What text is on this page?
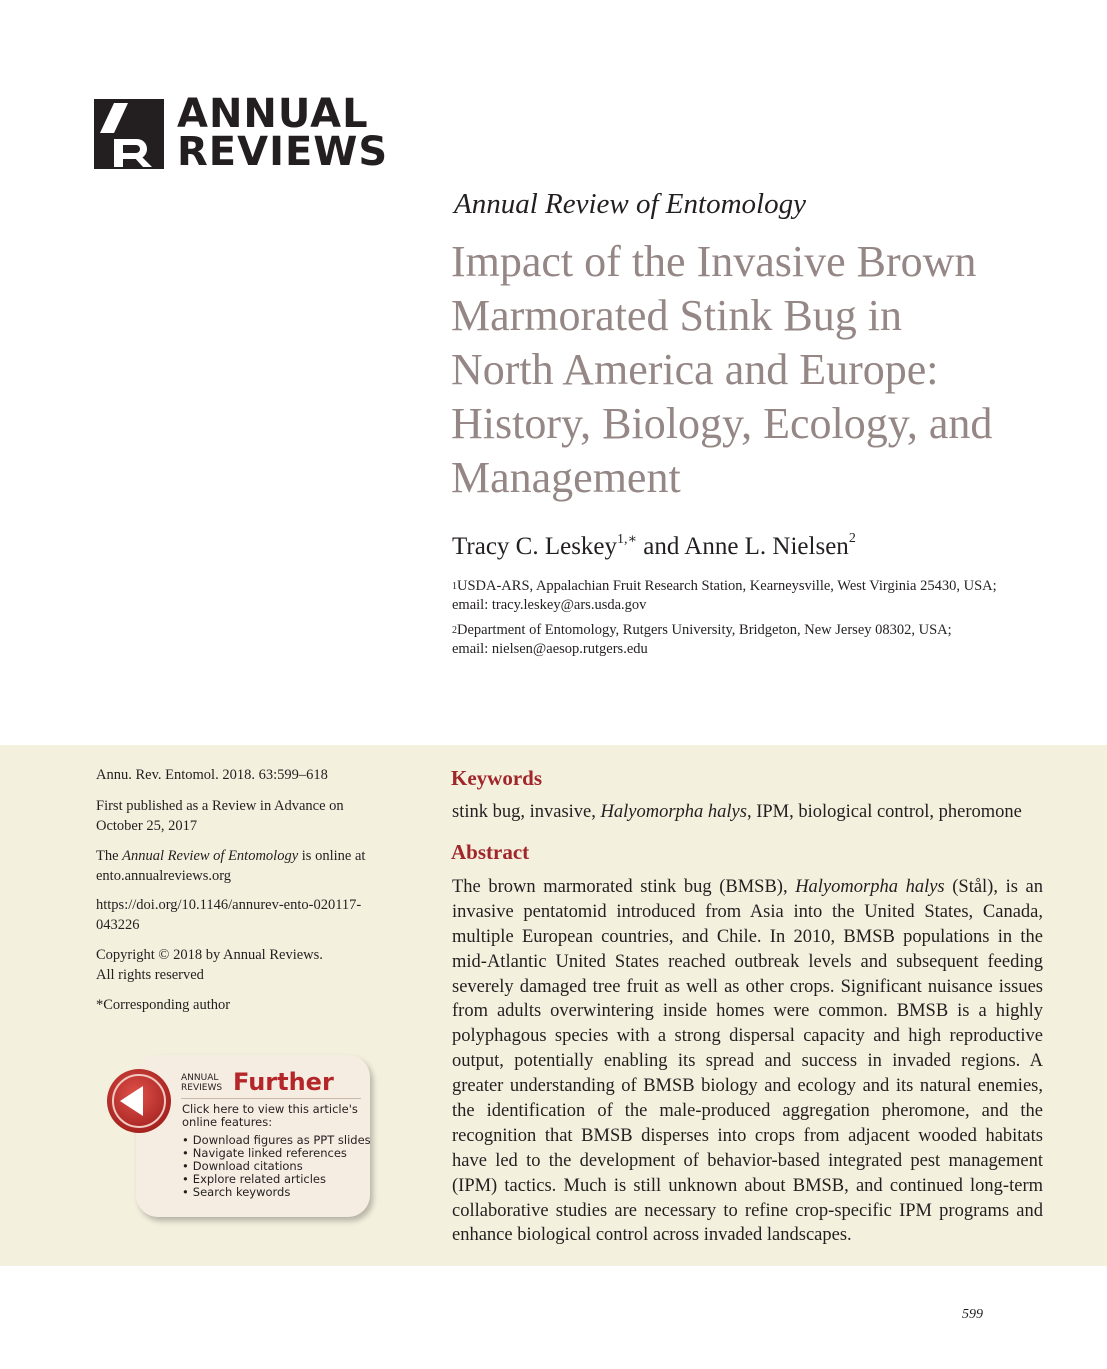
ANNUAL
REVIEWS
Annual Review of Entomology
Impact of the Invasive Brown
Marmorated Stink Bug in
North America and Europe:
History, Biology, Ecology, and
Management
Tracy C. Leskey$^{1,∗}$ and Anne L. Nielsen$^2$
$^1$USDA-ARS, Appalachian Fruit Research Station, Kearneysville, West Virginia 25430, USA;
email: tracy.leskey@ars.usda.gov
$^2$Department of Entomology, Rutgers University, Bridgeton, New Jersey 08302, USA;
email: nielsen@aesop.rutgers.edu
Annu. Rev. Entomol. 2018. 63:599–618
First published as a Review in Advance on
October 25, 2017
The Annual Review of Entomology is online at
ento.annualreviews.org
https://doi.org/10.1146/annurev-ento-020117-
043226
Copyright © 2018 by Annual Reviews.
All rights reserved
*Corresponding author
Keywords
stink bug, invasive, Halyomorpha halys, IPM, biological control, pheromone
Abstract
The brown marmorated stink bug (BMSB), Halyomorpha halys (Stål), is an
invasive pentatomid introduced from Asia into the United States, Canada,
multiple European countries, and Chile. In 2010, BMSB populations in the
mid-Atlantic United States reached outbreak levels and subsequent feeding
severely damaged tree fruit as well as other crops. Significant nuisance issues
from adults overwintering inside homes were common. BMSB is a highly
polyphagous species with a strong dispersal capacity and high reproductive
output, potentially enabling its spread and success in invaded regions. A
greater understanding of BMSB biology and ecology and its natural enemies,
the identification of the male-produced aggregation pheromone, and the
recognition that BMSB disperses into crops from adjacent wooded habitats
have led to the development of behavior-based integrated pest management
(IPM) tactics. Much is still unknown about BMSB, and continued long-term
collaborative studies are necessary to refine crop-specific IPM programs and
enhance biological control across invaded landscapes.
ANNUAL
REVIEWS Further
Click here to view this article's online features:
• Download figures as PPT slides
• Navigate linked references
• Download citations
• Explore related articles
• Search keywords
599
